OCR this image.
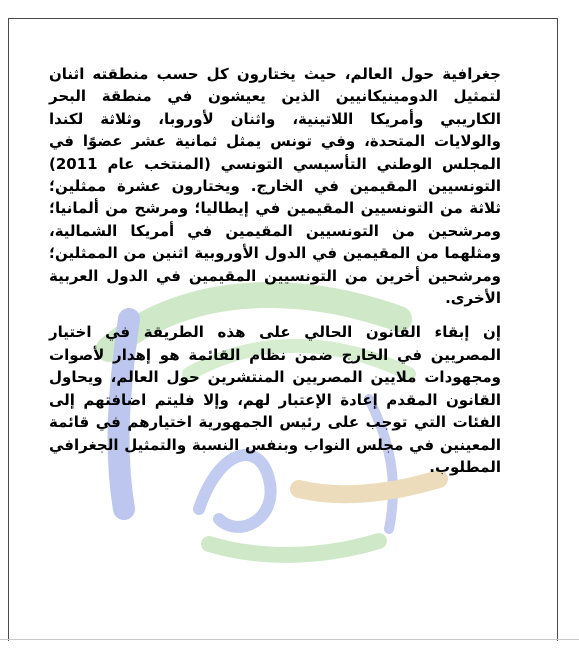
جغرافية حول العالم، حيث يختارون كل حسب منطقته اثنان لتمثيل الدومينيكانيين الذين يعيشون في منطقة البحر الكاريبي وأمريكا اللاتينية، واثنان لأوروبا، وثلاثة لكندا والولايات المتحدة، وفي تونس يمثل ثمانية عشر عضوًا في المجلس الوطني التأسيسي التونسي (المنتخب عام 2011) التونسيين المقيمين في الخارج. ويختارون عشرة ممثلين؛ ثلاثة من التونسيين المقيمين في إيطاليا؛ ومرشح من ألمانيا؛ ومرشحين من التونسيين المقيمين في أمريكا الشمالية، ومثلهما من المقيمين في الدول الأوروبية اثنين من الممثلين؛ ومرشحين أخرين من التونسيين المقيمين في الدول العربية الأخرى.

إن إبقاء القانون الحالي على هذه الطريقة في اختيار المصريين في الخارج ضمن نظام القائمة هو إهدار لأصوات ومجهودات ملايين المصريين المنتشرين حول العالم، ويحاول القانون المقدم إعادة الإعتبار لهم، وإلا فليتم اضافتهم إلى الفئات التي توجب على رئيس الجمهورية اختيارهم في قائمة المعينين في مجلس النواب وبنفس النسبة والتمثيل الجغرافي المطلوب.
